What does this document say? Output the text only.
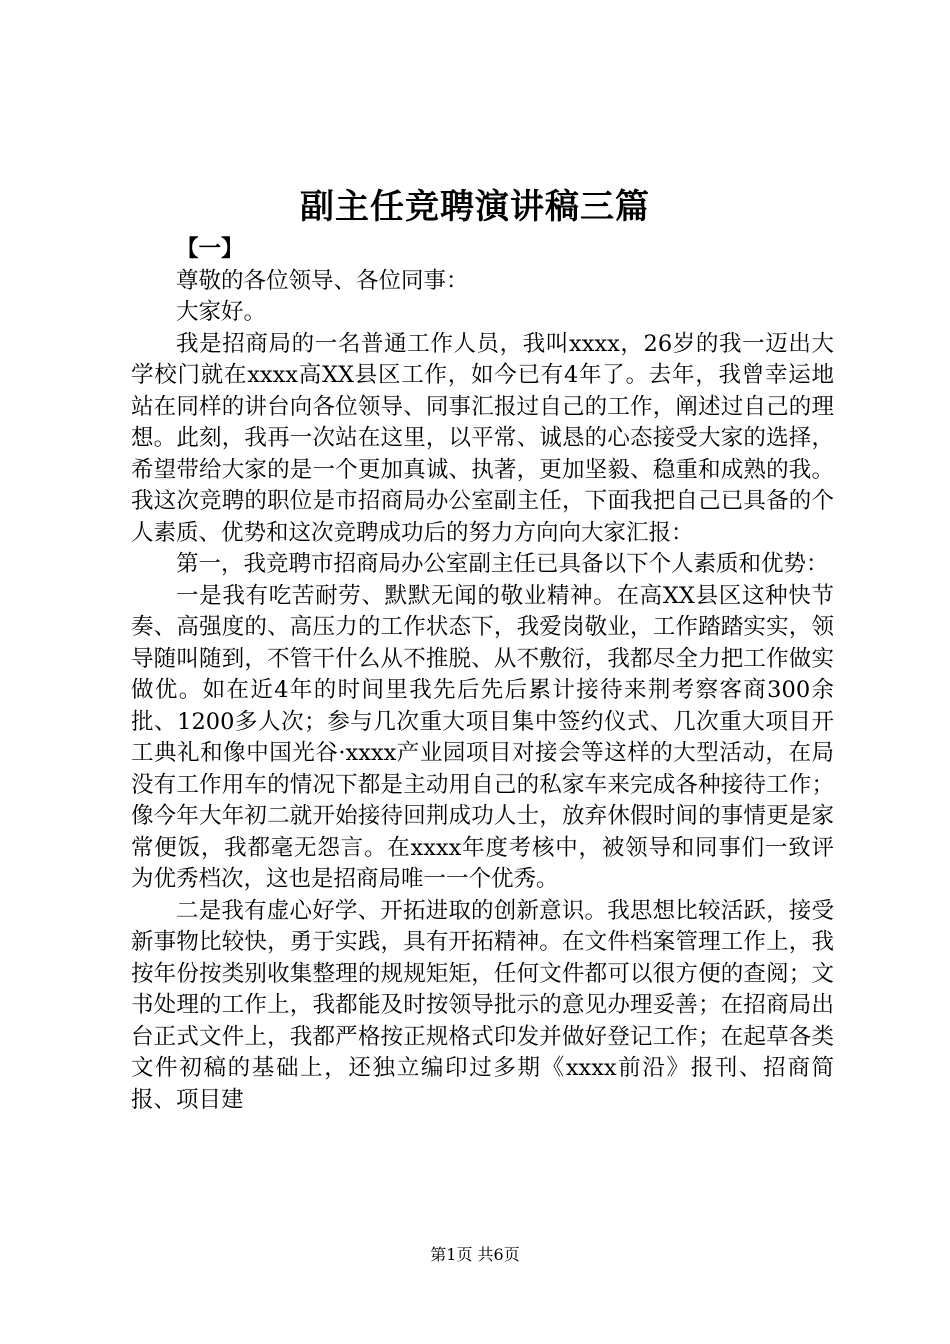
副主任竞聘演讲稿三篇

【一】

尊敬的各位领导、各位同事：

大家好。

我是招商局的一名普通工作人员，我叫xxxx，26岁的我一迈出大学校门就在xxxx高XX县区工作，如今已有4年了。去年，我曾幸运地站在同样的讲台向各位领导、同事汇报过自己的工作，阐述过自己的理想。此刻，我再一次站在这里，以平常、诚恳的心态接受大家的选择，希望带给大家的是一个更加真诚、执著，更加坚毅、稳重和成熟的我。我这次竞聘的职位是市招商局办公室副主任，下面我把自己已具备的个人素质、优势和这次竞聘成功后的努力方向向大家汇报：

第一，我竞聘市招商局办公室副主任已具备以下个人素质和优势：

一是我有吃苦耐劳、默默无闻的敬业精神。在高XX县区这种快节奏、高强度的、高压力的工作状态下，我爱岗敬业，工作踏踏实实，领导随叫随到，不管干什么从不推脱、从不敷衍，我都尽全力把工作做实做优。如在近4年的时间里我先后先后累计接待来荆考察客商300余批、1200多人次；参与几次重大项目集中签约仪式、几次重大项目开工典礼和像中国光谷·xxxx产业园项目对接会等这样的大型活动，在局没有工作用车的情况下都是主动用自己的私家车来完成各种接待工作；像今年大年初二就开始接待回荆成功人士，放弃休假时间的事情更是家常便饭，我都毫无怨言。在xxxx年度考核中，被领导和同事们一致评为优秀档次，这也是招商局唯一一个优秀。

二是我有虚心好学、开拓进取的创新意识。我思想比较活跃，接受新事物比较快，勇于实践，具有开拓精神。在文件档案管理工作上，我按年份按类别收集整理的规规矩矩，任何文件都可以很方便的查阅；文书处理的工作上，我都能及时按领导批示的意见办理妥善；在招商局出台正式文件上，我都严格按正规格式印发并做好登记工作；在起草各类文件初稿的基础上，还独立编印过多期《xxxx前沿》报刊、招商简报、项目建

第1页 共6页
